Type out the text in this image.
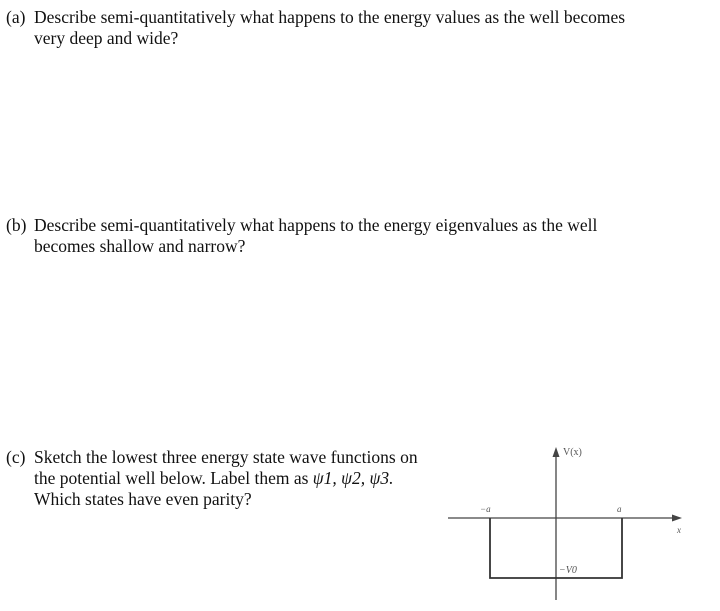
(a) Describe semi-quantitatively what happens to the energy values as the well becomes
very deep and wide?
(b) Describe semi-quantitatively what happens to the energy eigenvalues as the well
becomes shallow and narrow?
(c) Sketch the lowest three energy state wave functions on
the potential well below. Label them as ψ1, ψ2, ψ3.
Which states have even parity?
V(x)
x
−a	a
−V0
